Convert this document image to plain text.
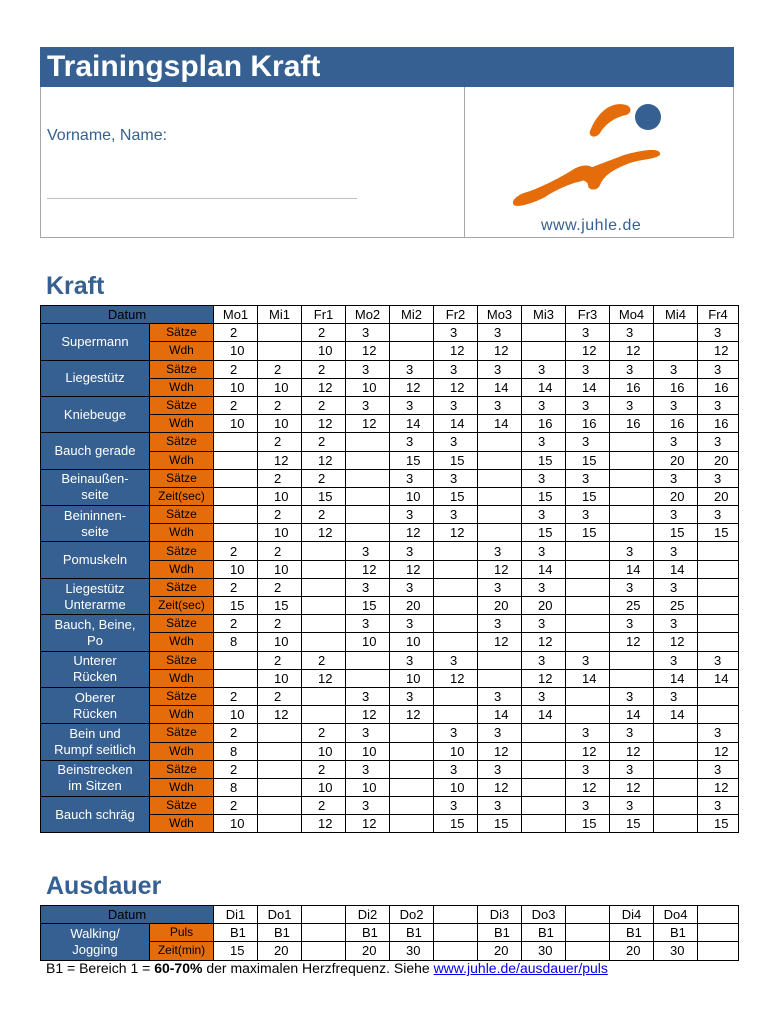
Trainingsplan Kraft
Vorname, Name:
www.juhle.de
Kraft
Datum		Mo1	Mi1	Fr1	Mo2	Mi2	Fr2	Mo3	Mi3	Fr3	Mo4	Mi4	Fr4
Supermann	Sätze	2		2	3		3	3		3	3		3
	Wdh	10		10	12		12	12		12	12		12
Liegestütz	Sätze	2	2	2	3	3	3	3	3	3	3	3	3
	Wdh	10	10	12	10	12	12	14	14	14	16	16	16
Kniebeuge	Sätze	2	2	2	3	3	3	3	3	3	3	3	3
	Wdh	10	10	12	12	14	14	14	16	16	16	16	16
Bauch gerade	Sätze		2	2		3	3		3	3		3	3
	Wdh		12	12		15	15		15	15		20	20
Beinaußen-
seite	Sätze		2	2		3	3		3	3		3	3
	Zeit(sec)		10	15		10	15		15	15		20	20
Beininnen-
seite	Sätze		2	2		3	3		3	3		3	3
	Wdh		10	12		12	12		15	15		15	15
Pomuskeln	Sätze	2	2		3	3		3	3		3	3	
	Wdh	10	10		12	12		12	14		14	14	
Liegestütz
Unterarme	Sätze	2	2		3	3		3	3		3	3	
	Zeit(sec)	15	15		15	20		20	20		25	25	
Bauch, Beine,
Po	Sätze	2	2		3	3		3	3		3	3	
	Wdh	8	10		10	10		12	12		12	12	
Unterer
Rücken	Sätze		2	2		3	3		3	3		3	3
	Wdh		10	12		10	12		12	14		14	14
Oberer
Rücken	Sätze	2	2		3	3		3	3		3	3	
	Wdh	10	12		12	12		14	14		14	14	
Bein und
Rumpf seitlich	Sätze	2		2	3		3	3		3	3		3
	Wdh	8		10	10		10	12		12	12		12
Beinstrecken
im Sitzen	Sätze	2		2	3		3	3		3	3		3
	Wdh	8		10	10		10	12		12	12		12
Bauch schräg	Sätze	2		2	3		3	3		3	3		3
	Wdh	10		12	12		15	15		15	15		15
Ausdauer
Datum		Di1	Do1		Di2	Do2		Di3	Do3		Di4	Do4	
Walking/
Jogging	Puls	B1	B1		B1	B1		B1	B1		B1	B1	
	Zeit(min)	15	20		20	30		20	30		20	30	
B1 = Bereich 1 = 60-70% der maximalen Herzfrequenz. Siehe www.juhle.de/ausdauer/puls
